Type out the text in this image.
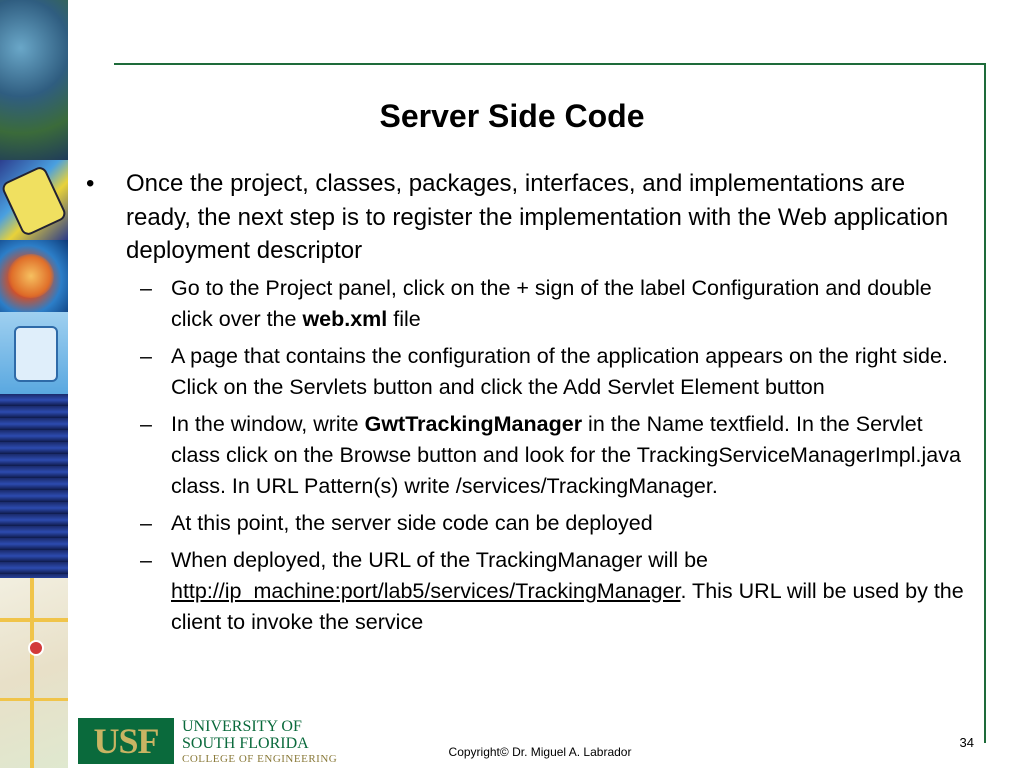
Server Side Code
• Once the project, classes, packages, interfaces, and implementations are ready, the next step is to register the implementation with the Web application deployment descriptor
– Go to the Project panel, click on the + sign of the label Configuration and double click over the web.xml file
– A page that contains the configuration of the application appears on the right side. Click on the Servlets button and click the Add Servlet Element button
– In the window, write GwtTrackingManager in the Name textfield. In the Servlet class click on the Browse button and look for the TrackingServiceManagerImpl.java class. In URL Pattern(s) write /services/TrackingManager.
– At this point, the server side code can be deployed
– When deployed, the URL of the TrackingManager will be http://ip_machine:port/lab5/services/TrackingManager. This URL will be used by the client to invoke the service
USF	UNIVERSITY OF
SOUTH FLORIDA
COLLEGE OF ENGINEERING	Copyright© Dr. Miguel A. Labrador
34
